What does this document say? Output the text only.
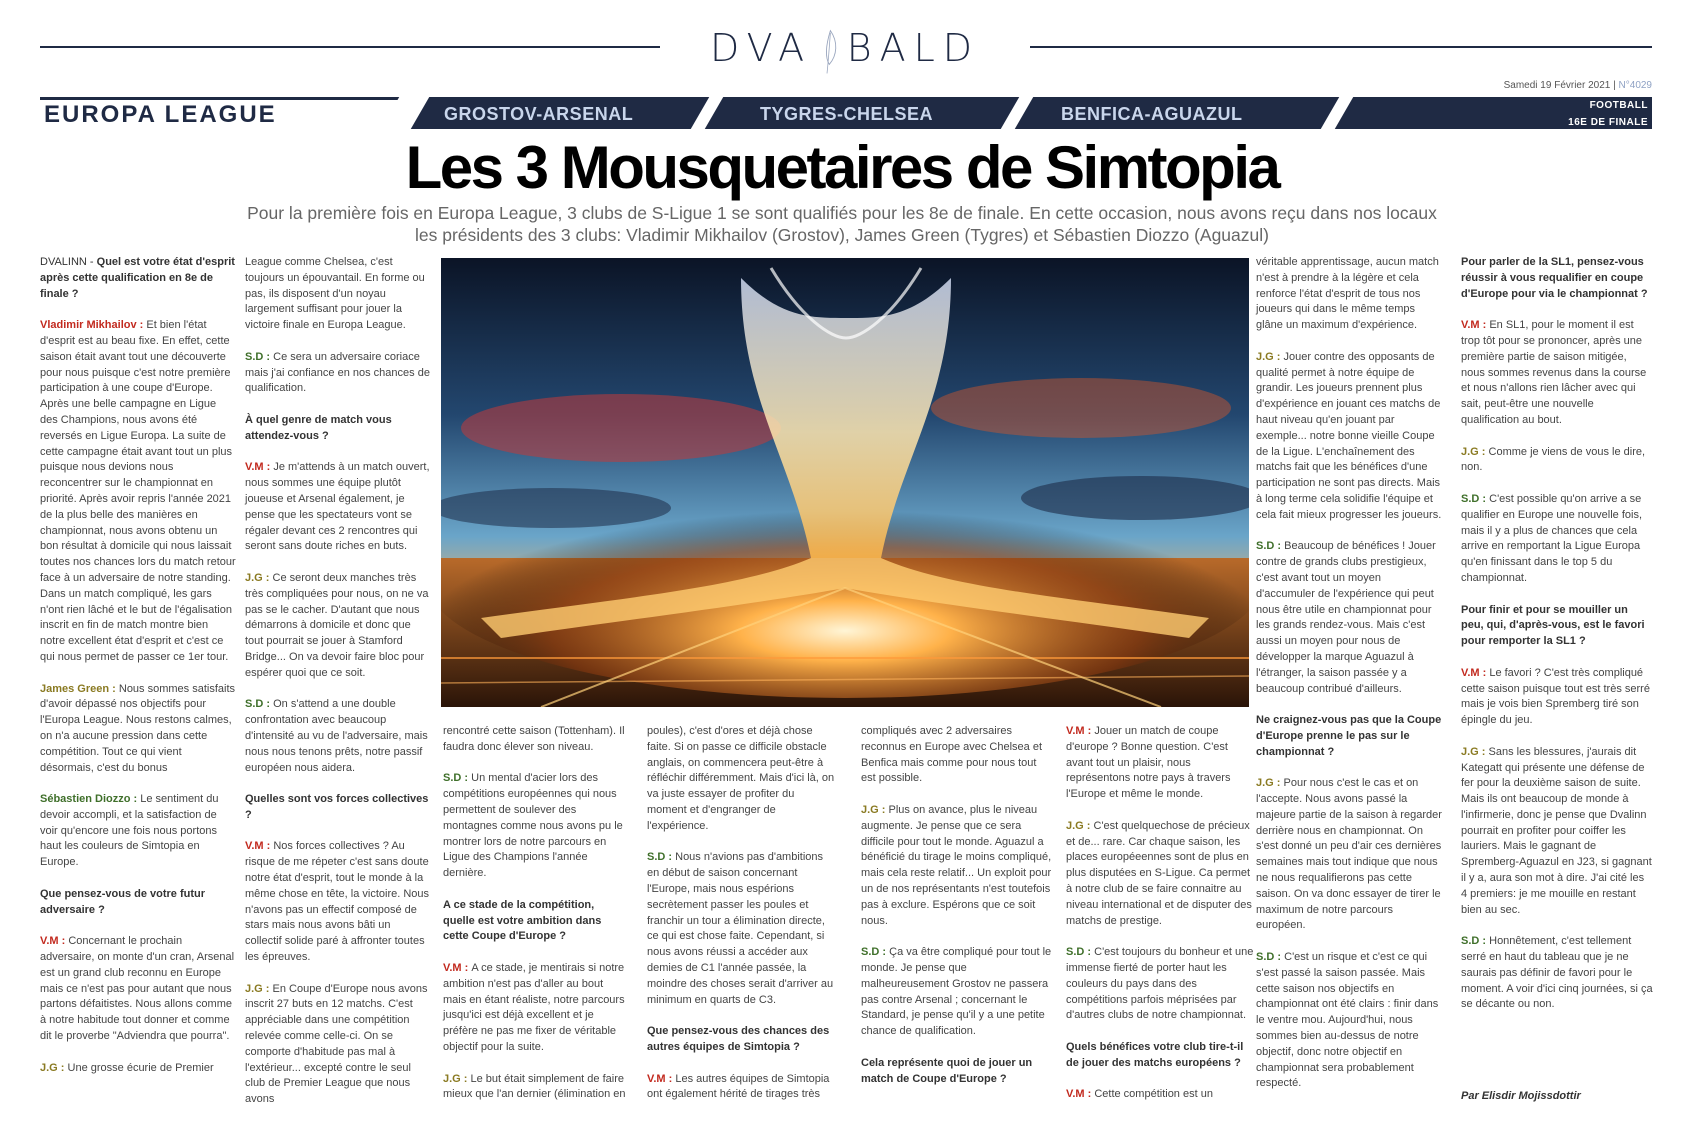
DVA BALD
Samedi 19 Février 2021 | N°4029
EUROPA LEAGUE	GROSTOV-ARSENAL	TYGRES-CHELSEA	BENFICA-AGUAZUL	FOOTBALL
16E DE FINALE
Les 3 Mousquetaires de Simtopia
Pour la première fois en Europa League, 3 clubs de S-Ligue 1 se sont qualifiés pour les 8e de finale. En cette occasion, nous avons reçu dans nos locaux
les présidents des 3 clubs: Vladimir Mikhailov (Grostov), James Green (Tygres) et Sébastien Diozzo (Aguazul)

DVALINN - Quel est votre état d'esprit après cette qualification en 8e de finale ?

Vladimir Mikhailov : Et bien l'état d'esprit est au beau fixe. En effet, cette saison était avant tout une découverte pour nous puisque c'est notre première participation à une coupe d'Europe. Après une belle campagne en Ligue des Champions, nous avons été reversés en Ligue Europa. La suite de cette campagne était avant tout un plus puisque nous devions nous reconcentrer sur le championnat en priorité. Après avoir repris l'année 2021 de la plus belle des manières en championnat, nous avons obtenu un bon résultat à domicile qui nous laissait toutes nos chances lors du match retour face à un adversaire de notre standing. Dans un match compliqué, les gars n'ont rien lâché et le but de l'égalisation inscrit en fin de match montre bien notre excellent état d'esprit et c'est ce qui nous permet de passer ce 1er tour.

James Green : Nous sommes satisfaits d'avoir dépassé nos objectifs pour l'Europa League. Nous restons calmes, on n'a aucune pression dans cette compétition. Tout ce qui vient désormais, c'est du bonus

Sébastien Diozzo : Le sentiment du devoir accompli, et la satisfaction de voir qu'encore une fois nous portons haut les couleurs de Simtopia en Europe.

Que pensez-vous de votre futur adversaire ?

V.M : Concernant le prochain adversaire, on monte d'un cran, Arsenal est un grand club reconnu en Europe mais ce n'est pas pour autant que nous partons défaitistes. Nous allons comme à notre habitude tout donner et comme dit le proverbe "Adviendra que pourra".

J.G : Une grosse écurie de Premier

League comme Chelsea, c'est toujours un épouvantail. En forme ou pas, ils disposent d'un noyau largement suffisant pour jouer la victoire finale en Europa League.

S.D : Ce sera un adversaire coriace mais j'ai confiance en nos chances de qualification.

À quel genre de match vous attendez-vous ?

V.M : Je m'attends à un match ouvert, nous sommes une équipe plutôt joueuse et Arsenal également, je pense que les spectateurs vont se régaler devant ces 2 rencontres qui seront sans doute riches en buts.

J.G : Ce seront deux manches très très compliquées pour nous, on ne va pas se le cacher. D'autant que nous démarrons à domicile et donc que tout pourrait se jouer à Stamford Bridge... On va devoir faire bloc pour espérer quoi que ce soit.

S.D : On s'attend a une double confrontation avec beaucoup d'intensité au vu de l'adversaire, mais nous nous tenons prêts, notre passif européen nous aidera.

Quelles sont vos forces collectives ?

V.M : Nos forces collectives ? Au risque de me répeter c'est sans doute notre état d'esprit, tout le monde à la même chose en tête, la victoire. Nous n'avons pas un effectif composé de stars mais nous avons bâti un collectif solide paré à affronter toutes les épreuves.

J.G : En Coupe d'Europe nous avons inscrit 27 buts en 12 matchs. C'est appréciable dans une compétition relevée comme celle-ci. On se comporte d'habitude pas mal à l'extérieur... excepté contre le seul club de Premier League que nous avons

rencontré cette saison (Tottenham). Il faudra donc élever son niveau.

S.D : Un mental d'acier lors des compétitions européennes qui nous permettent de soulever des montagnes comme nous avons pu le montrer lors de notre parcours en Ligue des Champions l'année dernière.

A ce stade de la compétition, quelle est votre ambition dans cette Coupe d'Europe ?

V.M : A ce stade, je mentirais si notre ambition n'est pas d'aller au bout mais en étant réaliste, notre parcours jusqu'ici est déjà excellent et je préfère ne pas me fixer de véritable objectif pour la suite.

J.G : Le but était simplement de faire mieux que l'an dernier (élimination en

poules), c'est d'ores et déjà chose faite. Si on passe ce difficile obstacle anglais, on commencera peut-être à réfléchir différemment. Mais d'ici là, on va juste essayer de profiter du moment et d'engranger de l'expérience.

S.D : Nous n'avions pas d'ambitions en début de saison concernant l'Europe, mais nous espérions secrètement passer les poules et franchir un tour a élimination directe, ce qui est chose faite. Cependant, si nous avons réussi a accéder aux demies de C1 l'année passée, la moindre des choses serait d'arriver au minimum en quarts de C3.

Que pensez-vous des chances des autres équipes de Simtopia ?

V.M : Les autres équipes de Simtopia ont également hérité de tirages très

compliqués avec 2 adversaires reconnus en Europe avec Chelsea et Benfica mais comme pour nous tout est possible.

J.G : Plus on avance, plus le niveau augmente. Je pense que ce sera difficile pour tout le monde. Aguazul a bénéficié du tirage le moins compliqué, mais cela reste relatif... Un exploit pour un de nos représentants n'est toutefois pas à exclure. Espérons que ce soit nous.

S.D : Ça va être compliqué pour tout le monde. Je pense que malheureusement Grostov ne passera pas contre Arsenal ; concernant le Standard, je pense qu'il y a une petite chance de qualification.

Cela représente quoi de jouer un match de Coupe d'Europe ?

V.M : Jouer un match de coupe d'europe ? Bonne question. C'est avant tout un plaisir, nous représentons notre pays à travers l'Europe et même le monde.

J.G : C'est quelquechose de précieux et de... rare. Car chaque saison, les places européeennes sont de plus en plus disputées en S-Ligue. Ca permet à notre club de se faire connaitre au niveau international et de disputer des matchs de prestige.

S.D : C'est toujours du bonheur et une immense fierté de porter haut les couleurs du pays dans des compétitions parfois méprisées par d'autres clubs de notre championnat.

Quels bénéfices votre club tire-t-il de jouer des matchs européens ?

V.M : Cette compétition est un

véritable apprentissage, aucun match n'est à prendre à la légère et cela renforce l'état d'esprit de tous nos joueurs qui dans le même temps glâne un maximum d'expérience.

J.G : Jouer contre des opposants de qualité permet à notre équipe de grandir. Les joueurs prennent plus d'expérience en jouant ces matchs de haut niveau qu'en jouant par exemple... notre bonne vieille Coupe de la Ligue. L'enchaînement des matchs fait que les bénéfices d'une participation ne sont pas directs. Mais à long terme cela solidifie l'équipe et cela fait mieux progresser les joueurs.

S.D : Beaucoup de bénéfices ! Jouer contre de grands clubs prestigieux, c'est avant tout un moyen d'accumuler de l'expérience qui peut nous être utile en championnat pour les grands rendez-vous. Mais c'est aussi un moyen pour nous de développer la marque Aguazul à l'étranger, la saison passée y a beaucoup contribué d'ailleurs.

Ne craignez-vous pas que la Coupe d'Europe prenne le pas sur le championnat ?

J.G : Pour nous c'est le cas et on l'accepte. Nous avons passé la majeure partie de la saison à regarder derrière nous en championnat. On s'est donné un peu d'air ces dernières semaines mais tout indique que nous ne nous requalifierons pas cette saison. On va donc essayer de tirer le maximum de notre parcours européen.

S.D : C'est un risque et c'est ce qui s'est passé la saison passée. Mais cette saison nos objectifs en championnat ont été clairs : finir dans le ventre mou. Aujourd'hui, nous sommes bien au-dessus de notre objectif, donc notre objectif en championnat sera probablement respecté.

Pour parler de la SL1, pensez-vous réussir à vous requalifier en coupe d'Europe pour via le championnat ?

V.M : En SL1, pour le moment il est trop tôt pour se prononcer, après une première partie de saison mitigée, nous sommes revenus dans la course et nous n'allons rien lâcher avec qui sait, peut-être une nouvelle qualification au bout.

J.G : Comme je viens de vous le dire, non.

S.D : C'est possible qu'on arrive a se qualifier en Europe une nouvelle fois, mais il y a plus de chances que cela arrive en remportant la Ligue Europa qu'en finissant dans le top 5 du championnat.

Pour finir et pour se mouiller un peu, qui, d'après-vous, est le favori pour remporter la SL1 ?

V.M : Le favori ? C'est très compliqué cette saison puisque tout est très serré mais je vois bien Spremberg tiré son épingle du jeu.

J.G : Sans les blessures, j'aurais dit Kategatt qui présente une défense de fer pour la deuxième saison de suite. Mais ils ont beaucoup de monde à l'infirmerie, donc je pense que Dvalinn pourrait en profiter pour coiffer les lauriers. Mais le gagnant de Spremberg-Aguazul en J23, si gagnant il y a, aura son mot à dire. J'ai cité les 4 premiers: je me mouille en restant bien au sec.

S.D : Honnêtement, c'est tellement serré en haut du tableau que je ne saurais pas définir de favori pour le moment. A voir d'ici cinq journées, si ça se décante ou non.

Par Elisdir Mojissdottir
